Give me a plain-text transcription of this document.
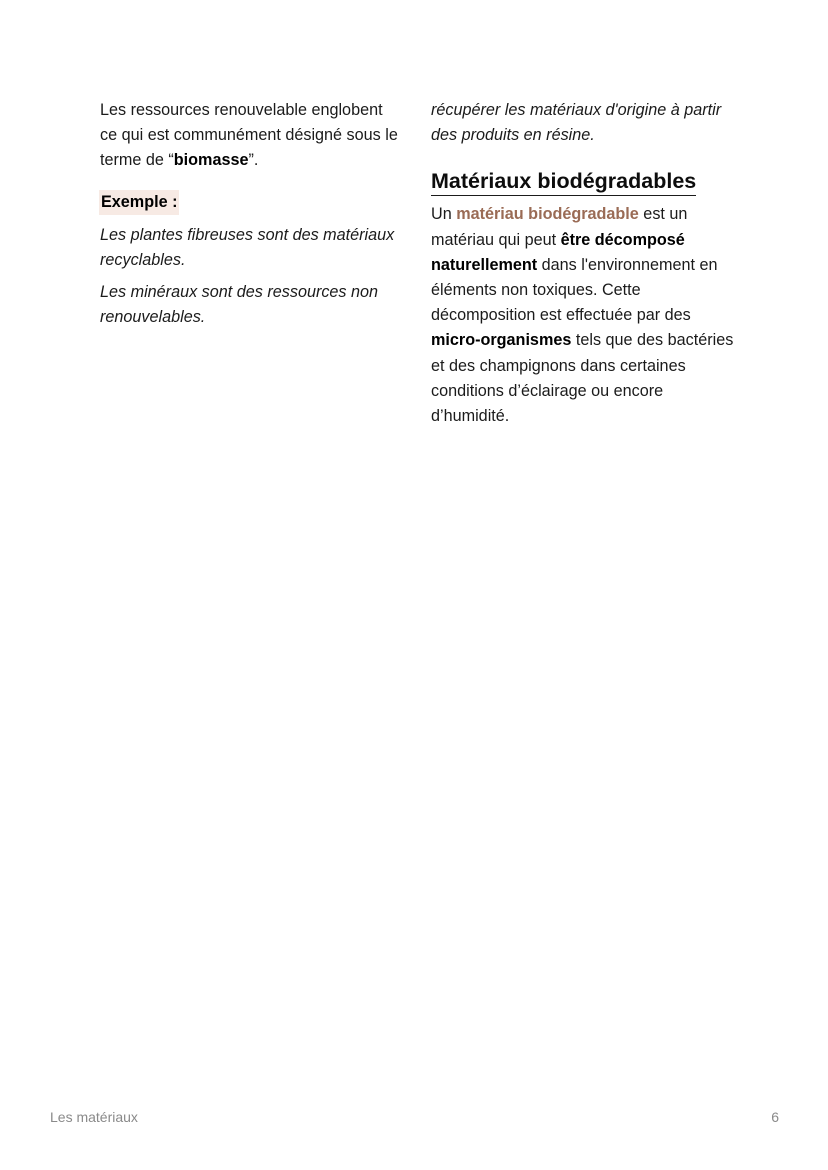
Les ressources renouvelable englobent ce qui est communément désigné sous le terme de “biomasse”.

Exemple :

Les plantes fibreuses sont des matériaux recyclables.

Les minéraux sont des ressources non renouvelables.

récupérer les matériaux d'origine à partir des produits en résine.

Matériaux biodégradables

Un matériau biodégradable est un matériau qui peut être décomposé naturellement dans l'environnement en éléments non toxiques. Cette décomposition est effectuée par des micro-organismes tels que des bactéries et des champignons dans certaines conditions d’éclairage ou encore d’humidité.

Les matériaux	6
